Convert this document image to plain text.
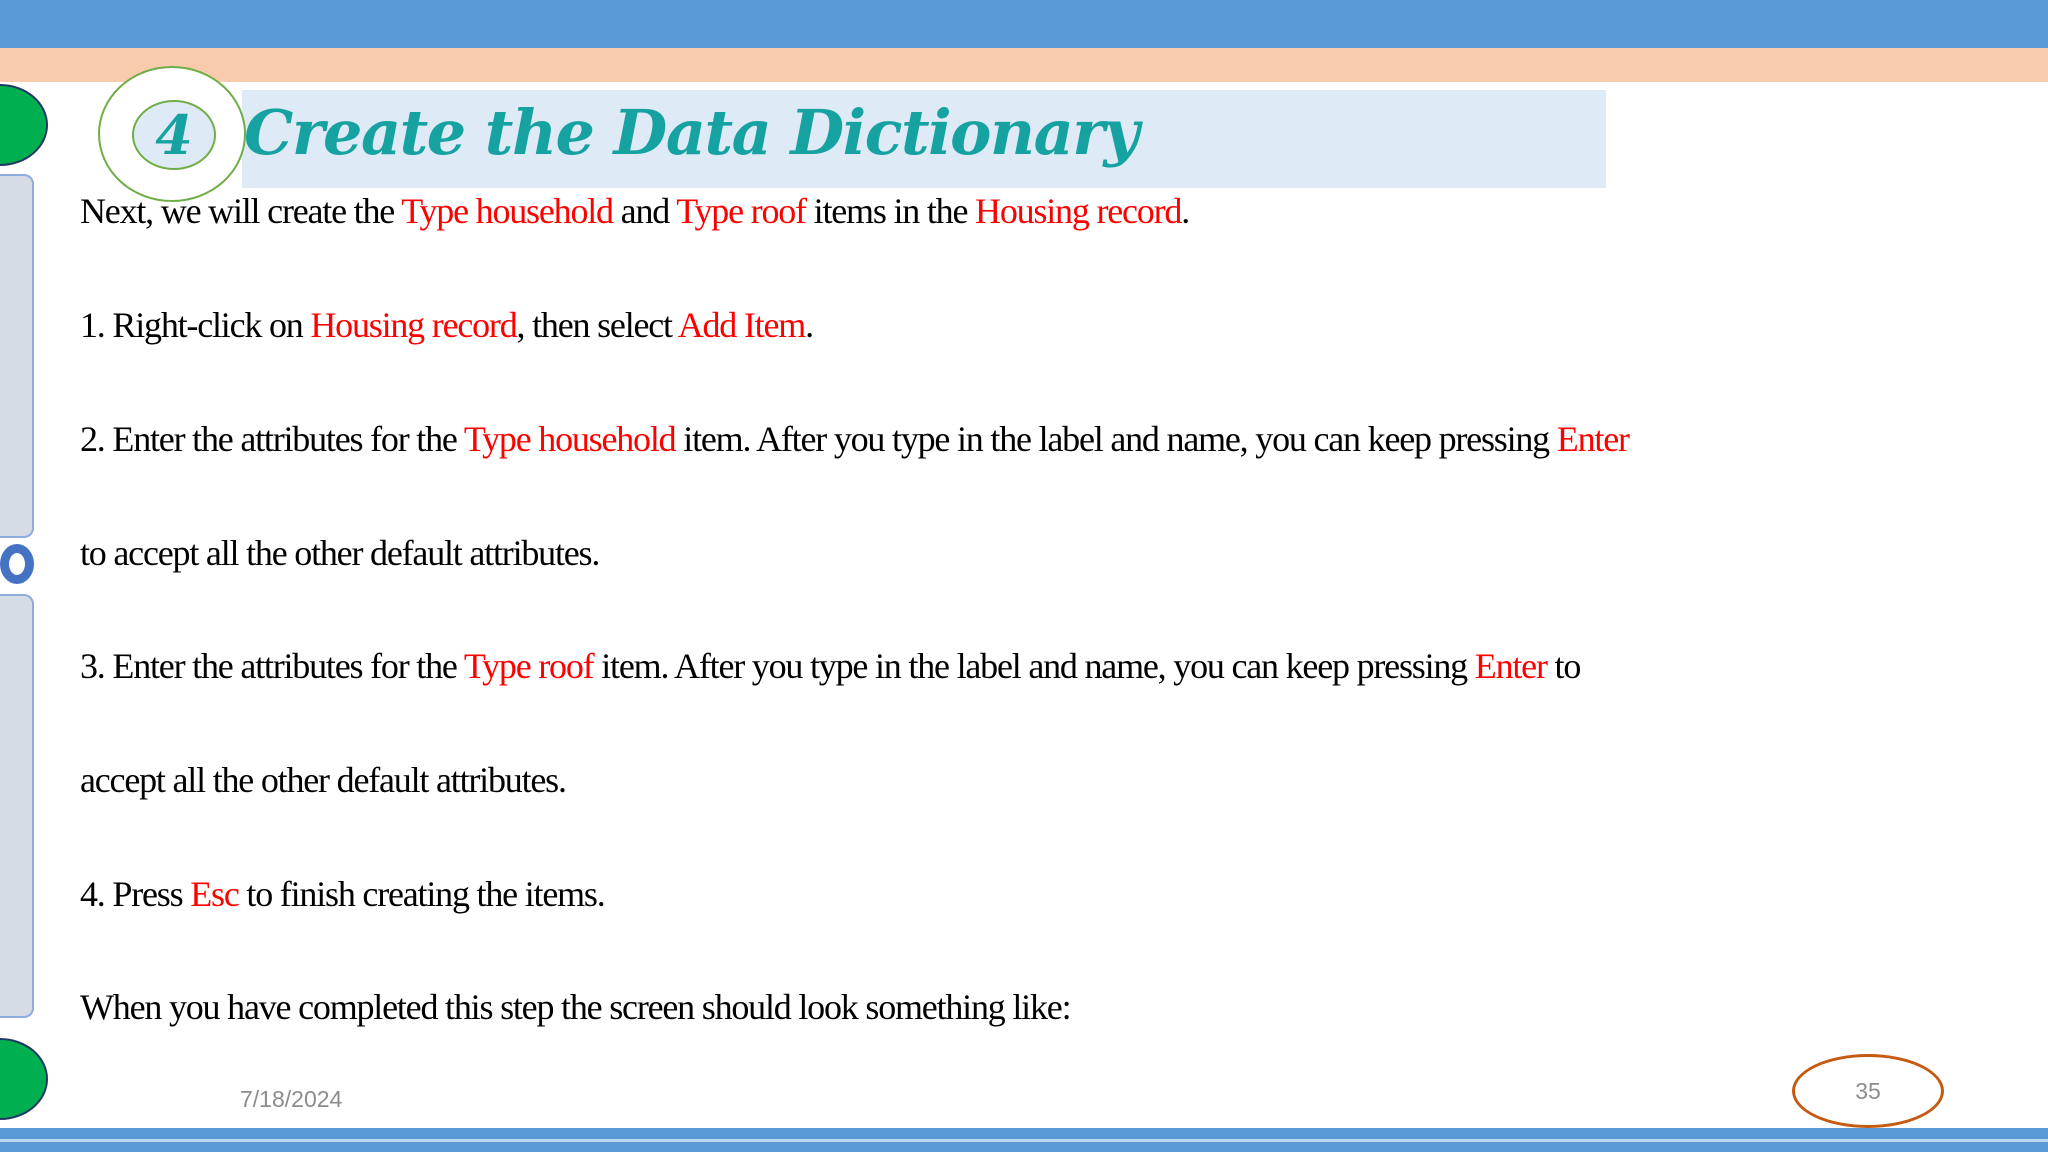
4 Create the Data Dictionary
Next, we will create the Type household and Type roof items in the Housing record.
1. Right-click on Housing record, then select Add Item.
2. Enter the attributes for the Type household item. After you type in the label and name, you can keep pressing Enter
to accept all the other default attributes.
3. Enter the attributes for the Type roof item. After you type in the label and name, you can keep pressing Enter to
accept all the other default attributes.
4. Press Esc to finish creating the items.
When you have completed this step the screen should look something like:
7/18/2024	35
